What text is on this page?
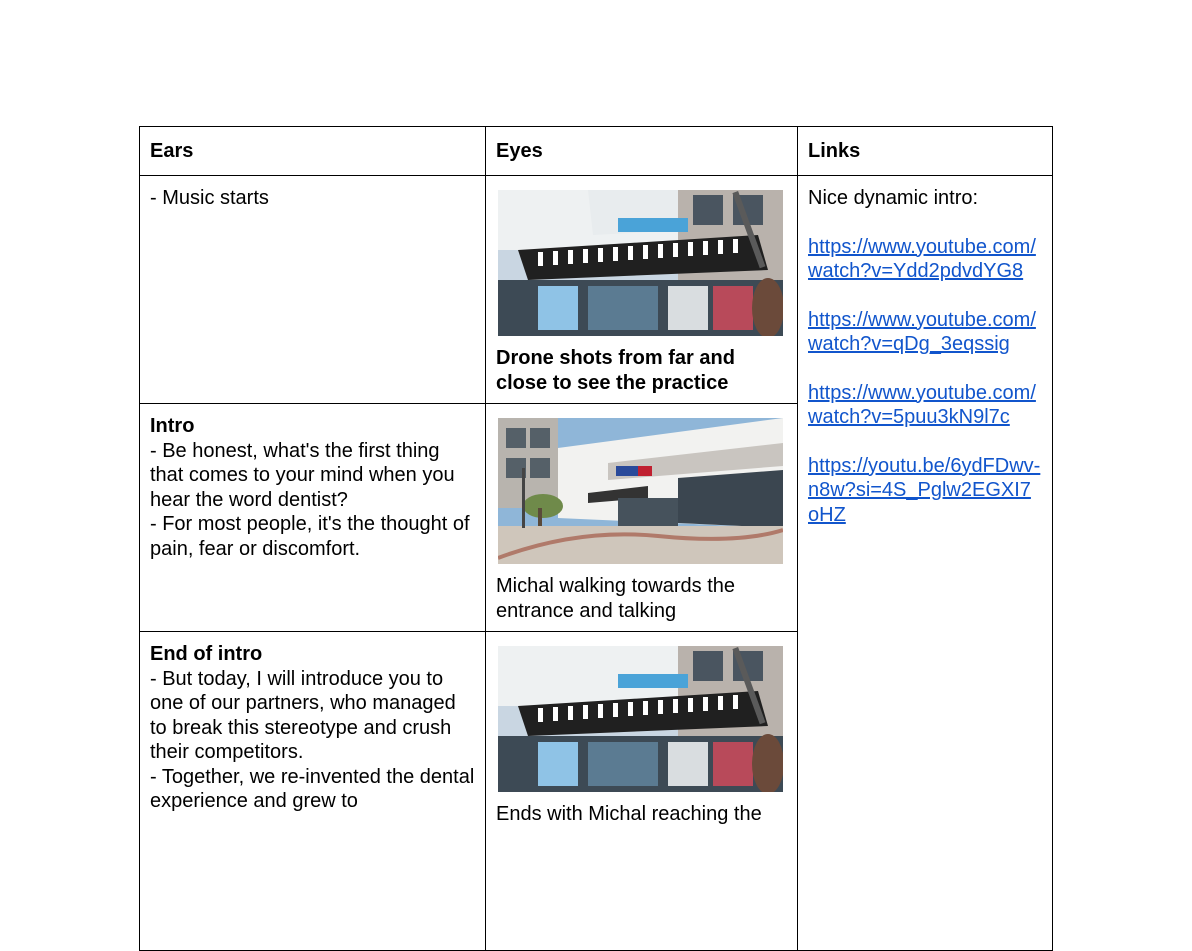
Ears	Eyes	Links

- Music starts	Drone shots from far and close to see the practice	Nice dynamic intro:

https://www.youtube.com/watch?v=Ydd2pdvdYG8
https://www.youtube.com/watch?v=qDg_3eqssig
https://www.youtube.com/watch?v=5puu3kN9l7c
https://youtu.be/6ydFDwv-n8w?si=4S_Pglw2EGXI7oHZ

Intro
- Be honest, what's the first thing that comes to your mind when you hear the word dentist?
- For most people, it's the thought of pain, fear or discomfort.	Michal walking towards the entrance and talking	

End of intro
- But today, I will introduce you to one of our partners, who managed to break this stereotype and crush their competitors.
- Together, we re-invented the dental experience and grew to	Ends with Michal reaching the	
